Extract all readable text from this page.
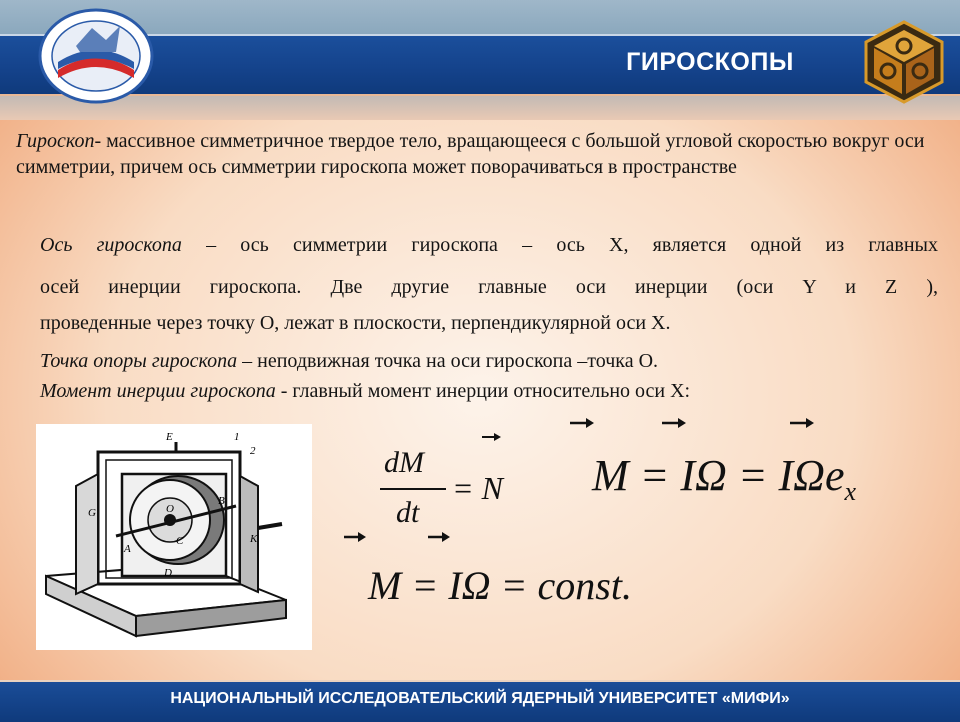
ГИРОСКОПЫ
Гироскоп- массивное симметричное твердое тело, вращающееся с большой угловой скоростью вокруг оси симметрии, причем ось симметрии гироскопа может поворачиваться в пространстве
Ось гироскопа – ось симметрии гироскопа – ось X, является одной из главных
осей инерции гироскопа. Две другие главные оси инерции (оси Y и Z ),
проведенные через точку O, лежат в плоскости, перпендикулярной оси X.
Точка опоры гироскопа – неподвижная точка на оси гироскопа –точка O.
Момент инерции гироскопа - главный момент инерции относительно оси X:
E	1
2
G
B
O
A
C	K
D
dM
dt
= N M = IΩ = IΩe$_x$
M = IΩ = const.
НАЦИОНАЛЬНЫЙ ИССЛЕДОВАТЕЛЬСКИЙ ЯДЕРНЫЙ УНИВЕРСИТЕТ «МИФИ»
